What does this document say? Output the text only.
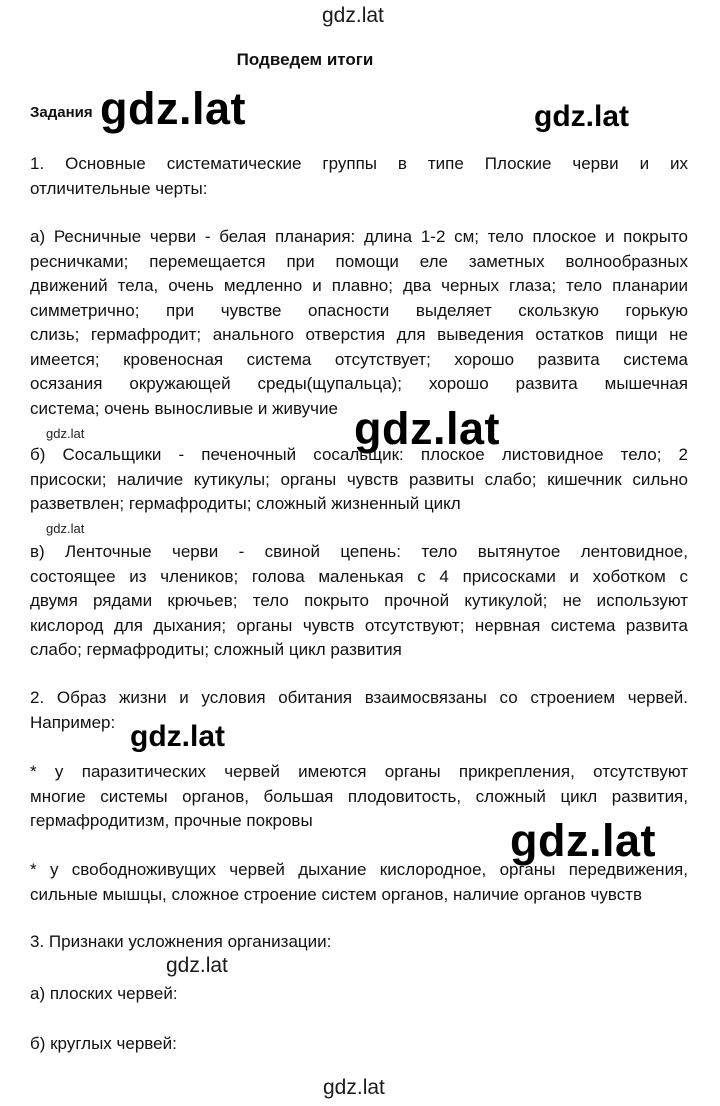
gdz.lat
Подведем итоги
Задания gdz.lat	gdz.lat
1. Основные систематические группы в типе Плоские черви и их
отличительные черты:
а) Ресничные черви - белая планария: длина 1-2 см; тело плоское и покрыто
ресничками; перемещается при помощи еле заметных волнообразных
движений тела, очень медленно и плавно; два черных глаза; тело планарии
симметрично; при чувстве опасности выделяет скользкую горькую
слизь; гермафродит; анального отверстия для выведения остатков пищи не
имеется; кровеносная система отсутствует; хорошо развита система
осязания окружающей среды(щупальца); хорошо развита мышечная
система; очень выносливые и живучие
gdz.lat	gdz.lat
б) Сосальщики - печеночный сосальщик: плоское листовидное тело; 2
присоски; наличие кутикулы; органы чувств развиты слабо; кишечник сильно
разветвлен; гермафродиты; сложный жизненный цикл
gdz.lat
в) Ленточные черви - свиной цепень: тело вытянутое лентовидное,
состоящее из члеников; голова маленькая с 4 присосками и хоботком с
двумя рядами крючьев; тело покрыто прочной кутикулой; не используют
кислород для дыхания; органы чувств отсутствуют; нервная система развита
слабо; гермафродиты; сложный цикл развития
2. Образ жизни и условия обитания взаимосвязаны со строением червей.
Например: gdz.lat
* у паразитических червей имеются органы прикрепления, отсутствуют
многие системы органов, большая плодовитость, сложный цикл развития,
гермафродитизм, прочные покровы	gdz.lat
* у свободноживущих червей дыхание кислородное, органы передвижения,
сильные мышцы, сложное строение систем органов, наличие органов чувств
3. Признаки усложнения организации:
gdz.lat
а) плоских червей:
б) круглых червей:
gdz.lat
